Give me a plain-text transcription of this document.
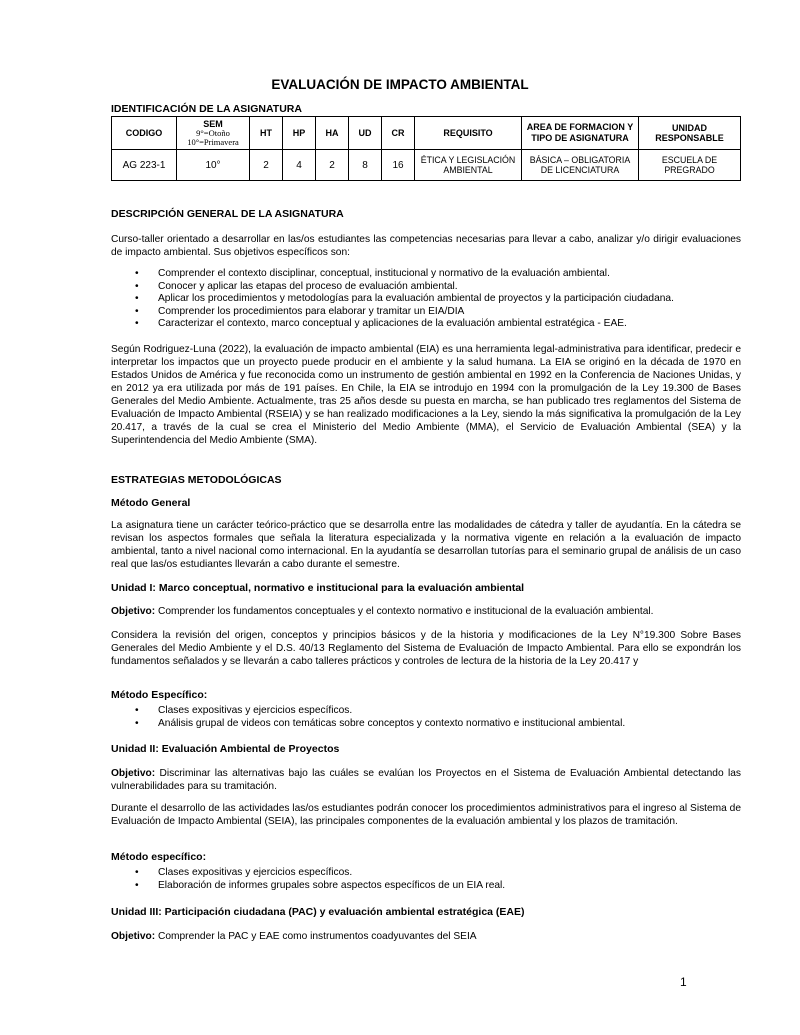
EVALUACIÓN DE IMPACTO AMBIENTAL
IDENTIFICACIÓN DE LA ASIGNATURA
CODIGO	SEM
9°=Otoño
10°=Primavera	HT	HP	HA	UD	CR	REQUISITO	AREA DE FORMACION Y TIPO DE ASIGNATURA	UNIDAD RESPONSABLE
AG 223-1	10°	2	4	2	8	16	ÉTICA Y LEGISLACIÓN AMBIENTAL	BÁSICA – OBLIGATORIA DE LICENCIATURA	ESCUELA DE PREGRADO
DESCRIPCIÓN GENERAL DE LA ASIGNATURA
Curso-taller orientado a desarrollar en las/os estudiantes las competencias necesarias para llevar a cabo, analizar y/o dirigir evaluaciones de impacto ambiental. Sus objetivos específicos son:
• Comprender el contexto disciplinar, conceptual, institucional y normativo de la evaluación ambiental.
• Conocer y aplicar las etapas del proceso de evaluación ambiental.
• Aplicar los procedimientos y metodologías para la evaluación ambiental de proyectos y la participación ciudadana.
• Comprender los procedimientos para elaborar y tramitar un EIA/DIA
• Caracterizar el contexto, marco conceptual y aplicaciones de la evaluación ambiental estratégica - EAE.
Según Rodriguez-Luna (2022), la evaluación de impacto ambiental (EIA) es una herramienta legal-administrativa para identificar, predecir e interpretar los impactos que un proyecto puede producir en el ambiente y la salud humana. La EIA se originó en la década de 1970 en Estados Unidos de América y fue reconocida como un instrumento de gestión ambiental en 1992 en la Conferencia de Naciones Unidas, y en 2012 ya era utilizada por más de 191 países. En Chile, la EIA se introdujo en 1994 con la promulgación de la Ley 19.300 de Bases Generales del Medio Ambiente. Actualmente, tras 25 años desde su puesta en marcha, se han publicado tres reglamentos del Sistema de Evaluación de Impacto Ambiental (RSEIA) y se han realizado modificaciones a la Ley, siendo la más significativa la promulgación de la Ley 20.417, a través de la cual se crea el Ministerio del Medio Ambiente (MMA), el Servicio de Evaluación Ambiental (SEA) y la Superintendencia del Medio Ambiente (SMA).
ESTRATEGIAS METODOLÓGICAS
Método General
La asignatura tiene un carácter teórico-práctico que se desarrolla entre las modalidades de cátedra y taller de ayudantía. En la cátedra se revisan los aspectos formales que señala la literatura especializada y la normativa vigente en relación a la evaluación de impacto ambiental, tanto a nivel nacional como internacional. En la ayudantía se desarrollan tutorías para el seminario grupal de análisis de un caso real que las/os estudiantes llevarán a cabo durante el semestre.
Unidad I: Marco conceptual, normativo e institucional para la evaluación ambiental
Objetivo: Comprender los fundamentos conceptuales y el contexto normativo e institucional de la evaluación ambiental.
Considera la revisión del origen, conceptos y principios básicos y de la historia y modificaciones de la Ley N°19.300 Sobre Bases Generales del Medio Ambiente y el D.S. 40/13 Reglamento del Sistema de Evaluación de Impacto Ambiental. Para ello se expondrán los fundamentos señalados y se llevarán a cabo talleres prácticos y controles de lectura de la historia de la Ley 20.417 y
Método Específico:
• Clases expositivas y ejercicios específicos.
• Análisis grupal de videos con temáticas sobre conceptos y contexto normativo e institucional ambiental.
Unidad II: Evaluación Ambiental de Proyectos
Objetivo: Discriminar las alternativas bajo las cuáles se evalúan los Proyectos en el Sistema de Evaluación Ambiental detectando las vulnerabilidades para su tramitación.
Durante el desarrollo de las actividades las/os estudiantes podrán conocer los procedimientos administrativos para el ingreso al Sistema de Evaluación de Impacto Ambiental (SEIA), las principales componentes de la evaluación ambiental y los plazos de tramitación.
Método específico:
• Clases expositivas y ejercicios específicos.
• Elaboración de informes grupales sobre aspectos específicos de un EIA real.
Unidad III: Participación ciudadana (PAC) y evaluación ambiental estratégica (EAE)
Objetivo: Comprender la PAC y EAE como instrumentos coadyuvantes del SEIA
1
